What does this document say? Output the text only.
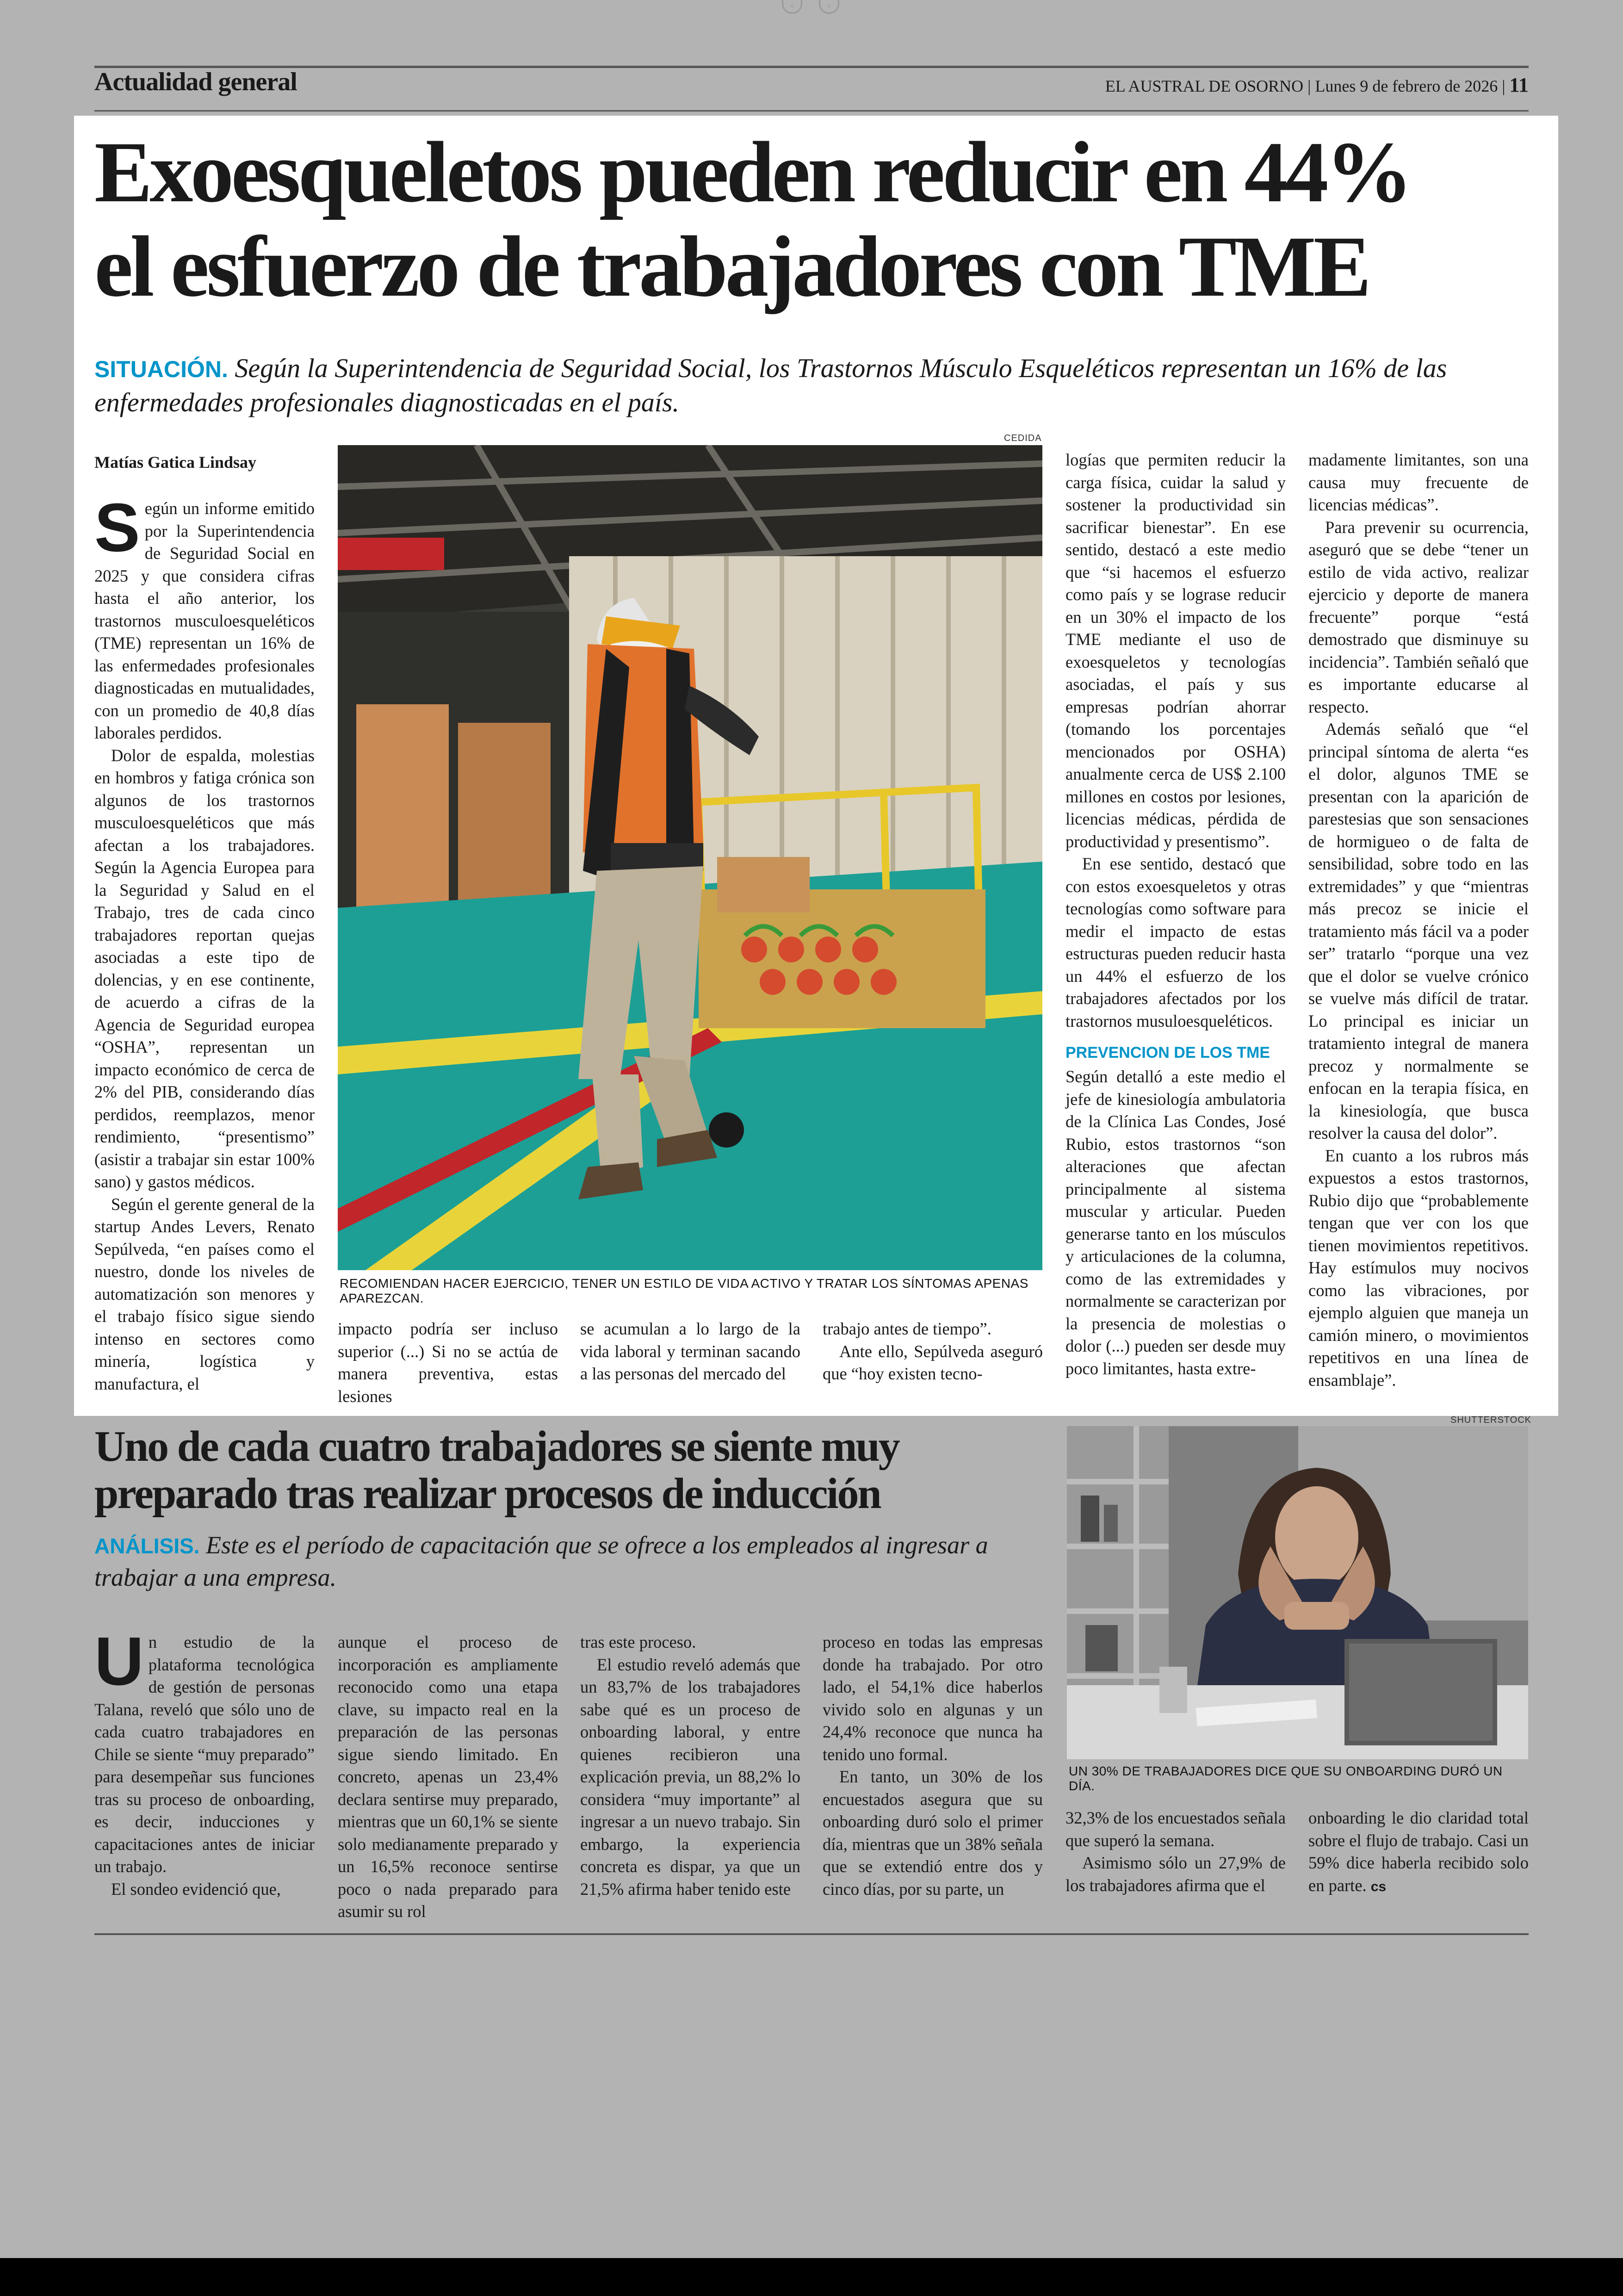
‹	›
Actualidad general	EL AUSTRAL DE OSORNO | Lunes 9 de febrero de 2026 | 11
Exoesqueletos pueden reducir en 44%
el esfuerzo de trabajadores con TME
SITUACIÓN. Según la Superintendencia de Seguridad Social, los Trastornos Músculo Esqueléticos representan un 16% de las enfermedades profesionales diagnosticadas en el país.
Matías Gatica Lindsay

Según un informe emitido por la Superintendencia de Seguridad Social en 2025 y que considera cifras hasta el año anterior, los trastornos musculoesqueléticos (TME) representan un 16% de las enfermedades profesionales diagnosticadas en mutualidades, con un promedio de 40,8 días laborales perdidos.

Dolor de espalda, molestias en hombros y fatiga crónica son algunos de los trastornos musculoesqueléticos que más afectan a los trabajadores. Según la Agencia Europea para la Seguridad y Salud en el Trabajo, tres de cada cinco trabajadores reportan quejas asociadas a este tipo de dolencias, y en ese continente, de acuerdo a cifras de la Agencia de Seguridad europea “OSHA”, representan un impacto económico de cerca de 2% del PIB, considerando días perdidos, reemplazos, menor rendimiento, “presentismo” (asistir a trabajar sin estar 100% sano) y gastos médicos.

Según el gerente general de la startup Andes Levers, Renato Sepúlveda, “en países como el nuestro, donde los niveles de automatización son menores y el trabajo físico sigue siendo intenso en sectores como minería, logística y manufactura, el

CEDIDA
RECOMIENDAN HACER EJERCICIO, TENER UN ESTILO DE VIDA ACTIVO Y TRATAR LOS SÍNTOMAS APENAS APAREZCAN.

impacto podría ser incluso superior (...) Si no se actúa de manera preventiva, estas lesiones

se acumulan a lo largo de la vida laboral y terminan sacando a las personas del mercado del

trabajo antes de tiempo”.

Ante ello, Sepúlveda aseguró que “hoy existen tecno-

logías que permiten reducir la carga física, cuidar la salud y sostener la productividad sin sacrificar bienestar”. En ese sentido, destacó a este medio que “si hacemos el esfuerzo como país y se lograse reducir en un 30% el impacto de los TME mediante el uso de exoesqueletos y tecnologías asociadas, el país y sus empresas podrían ahorrar (tomando los porcentajes mencionados por OSHA) anualmente cerca de US$ 2.100 millones en costos por lesiones, licencias médicas, pérdida de productividad y presentismo”.

En ese sentido, destacó que con estos exoesqueletos y otras tecnologías como software para medir el impacto de estas estructuras pueden reducir hasta un 44% el esfuerzo de los trabajadores afectados por los trastornos musuloesqueléticos.

PREVENCION DE LOS TME

Según detalló a este medio el jefe de kinesiología ambulatoria de la Clínica Las Condes, José Rubio, estos trastornos “son alteraciones que afectan principalmente al sistema muscular y articular. Pueden generarse tanto en los músculos y articulaciones de la columna, como de las extremidades y normalmente se caracterizan por la presencia de molestias o dolor (...) pueden ser desde muy poco limitantes, hasta extre-

madamente limitantes, son una causa muy frecuente de licencias médicas”.

Para prevenir su ocurrencia, aseguró que se debe “tener un estilo de vida activo, realizar ejercicio y deporte de manera frecuente” porque “está demostrado que disminuye su incidencia”. También señaló que es importante educarse al respecto.

Además señaló que “el principal síntoma de alerta “es el dolor, algunos TME se presentan con la aparición de parestesias que son sensaciones de hormigueo o de falta de sensibilidad, sobre todo en las extremidades” y que “mientras más precoz se inicie el tratamiento más fácil va a poder ser” tratarlo “porque una vez que el dolor se vuelve crónico se vuelve más difícil de tratar. Lo principal es iniciar un tratamiento integral de manera precoz y normalmente se enfocan en la terapia física, en la kinesiología, que busca resolver la causa del dolor”.

En cuanto a los rubros más expuestos a estos trastornos, Rubio dijo que “probablemente tengan que ver con los que tienen movimientos repetitivos. Hay estímulos muy nocivos como las vibraciones, por ejemplo alguien que maneja un camión minero, o movimientos repetitivos en una línea de ensamblaje”.

Uno de cada cuatro trabajadores se siente muy
preparado tras realizar procesos de inducción
ANÁLISIS. Este es el período de capacitación que se ofrece a los empleados al ingresar a trabajar a una empresa.
SHUTTERSTOCK
UN 30% DE TRABAJADORES DICE QUE SU ONBOARDING DURÓ UN DÍA.

Un estudio de la plataforma tecnológica de gestión de personas Talana, reveló que sólo uno de cada cuatro trabajadores en Chile se siente “muy preparado” para desempeñar sus funciones tras su proceso de onboarding, es decir, inducciones y capacitaciones antes de iniciar un trabajo.

El sondeo evidenció que,

aunque el proceso de incorporación es ampliamente reconocido como una etapa clave, su impacto real en la preparación de las personas sigue siendo limitado. En concreto, apenas un 23,4% declara sentirse muy preparado, mientras que un 60,1% se siente solo medianamente preparado y un 16,5% reconoce sentirse poco o nada preparado para asumir su rol

tras este proceso.

El estudio reveló además que un 83,7% de los trabajadores sabe qué es un proceso de onboarding laboral, y entre quienes recibieron una explicación previa, un 88,2% lo considera “muy importante” al ingresar a un nuevo trabajo. Sin embargo, la experiencia concreta es dispar, ya que un 21,5% afirma haber tenido este

proceso en todas las empresas donde ha trabajado. Por otro lado, el 54,1% dice haberlos vivido solo en algunas y un 24,4% reconoce que nunca ha tenido uno formal.

En tanto, un 30% de los encuestados asegura que su onboarding duró solo el primer día, mientras que un 38% señala que se extendió entre dos y cinco días, por su parte, un

32,3% de los encuestados señala que superó la semana.

Asimismo sólo un 27,9% de los trabajadores afirma que el

onboarding le dio claridad total sobre el flujo de trabajo. Casi un 59% dice haberla recibido solo en parte. cs
